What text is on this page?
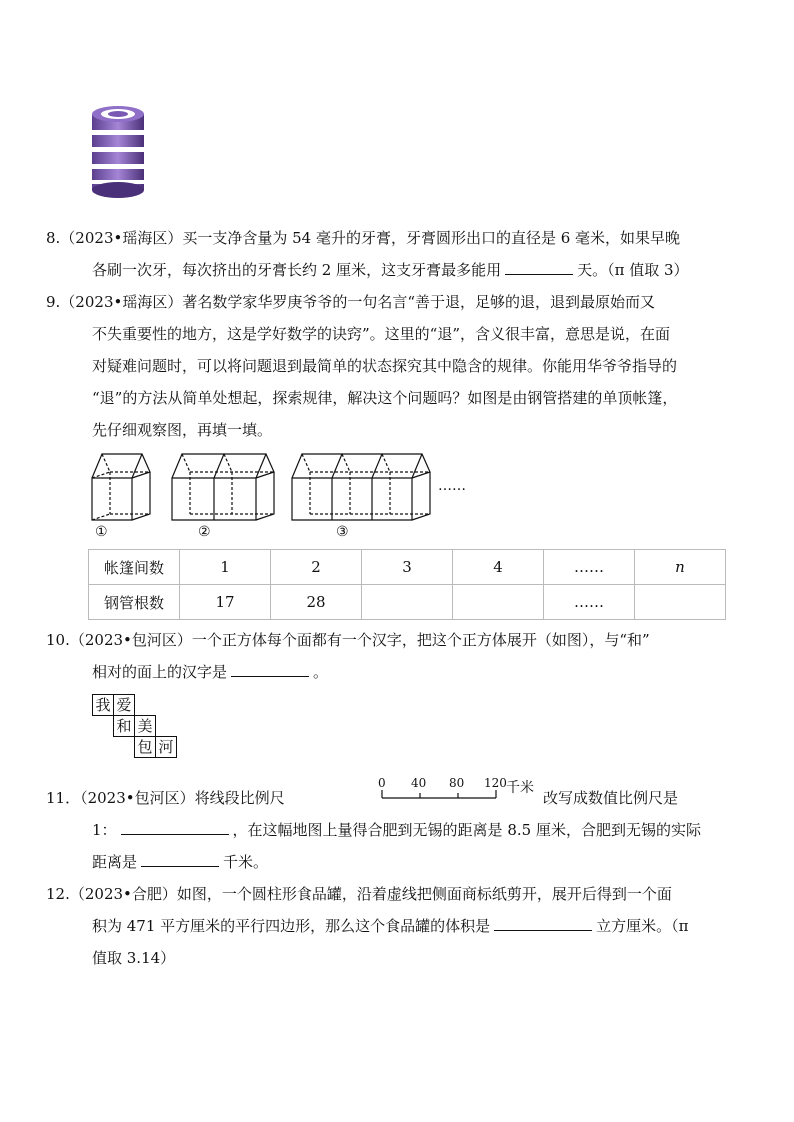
8.（2023•瑶海区）买一支净含量为 54 毫升的牙膏，牙膏圆形出口的直径是 6 毫米，如果早晚
各刷一次牙，每次挤出的牙膏长约 2 厘米，这支牙膏最多能用	天。（π 值取 3）
9.（2023•瑶海区）著名数学家华罗庚爷爷的一句名言“善于退，足够的退，退到最原始而又
不失重要性的地方，这是学好数学的诀窍”。这里的“退”，含义很丰富，意思是说，在面
对疑难问题时，可以将问题退到最简单的状态探究其中隐含的规律。你能用华爷爷指导的
“退”的方法从简单处想起，探索规律，解决这个问题吗？如图是由钢管搭建的单顶帐篷，
先仔细观察图，再填一填。
……
①	②	③
帐篷间数	1	2	3	4	……	n
钢管根数	17	28			……	
10.（2023•包河区）一个正方体每个面都有一个汉字，把这个正方体展开（如图），与“和”
相对的面上的汉字是	。
我 爱
和 美
包 河
11．（2023•包河区）将线段比例尺
0 40 80 120 千米
改写成数值比例尺是
1：	，在这幅地图上量得合肥到无锡的距离是 8.5 厘米，合肥到无锡的实际
距离是	千米。
12.（2023•合肥）如图，一个圆柱形食品罐，沿着虚线把侧面商标纸剪开，展开后得到一个面
积为 471 平方厘米的平行四边形，那么这个食品罐的体积是	立方厘米。（π
值取 3.14）
